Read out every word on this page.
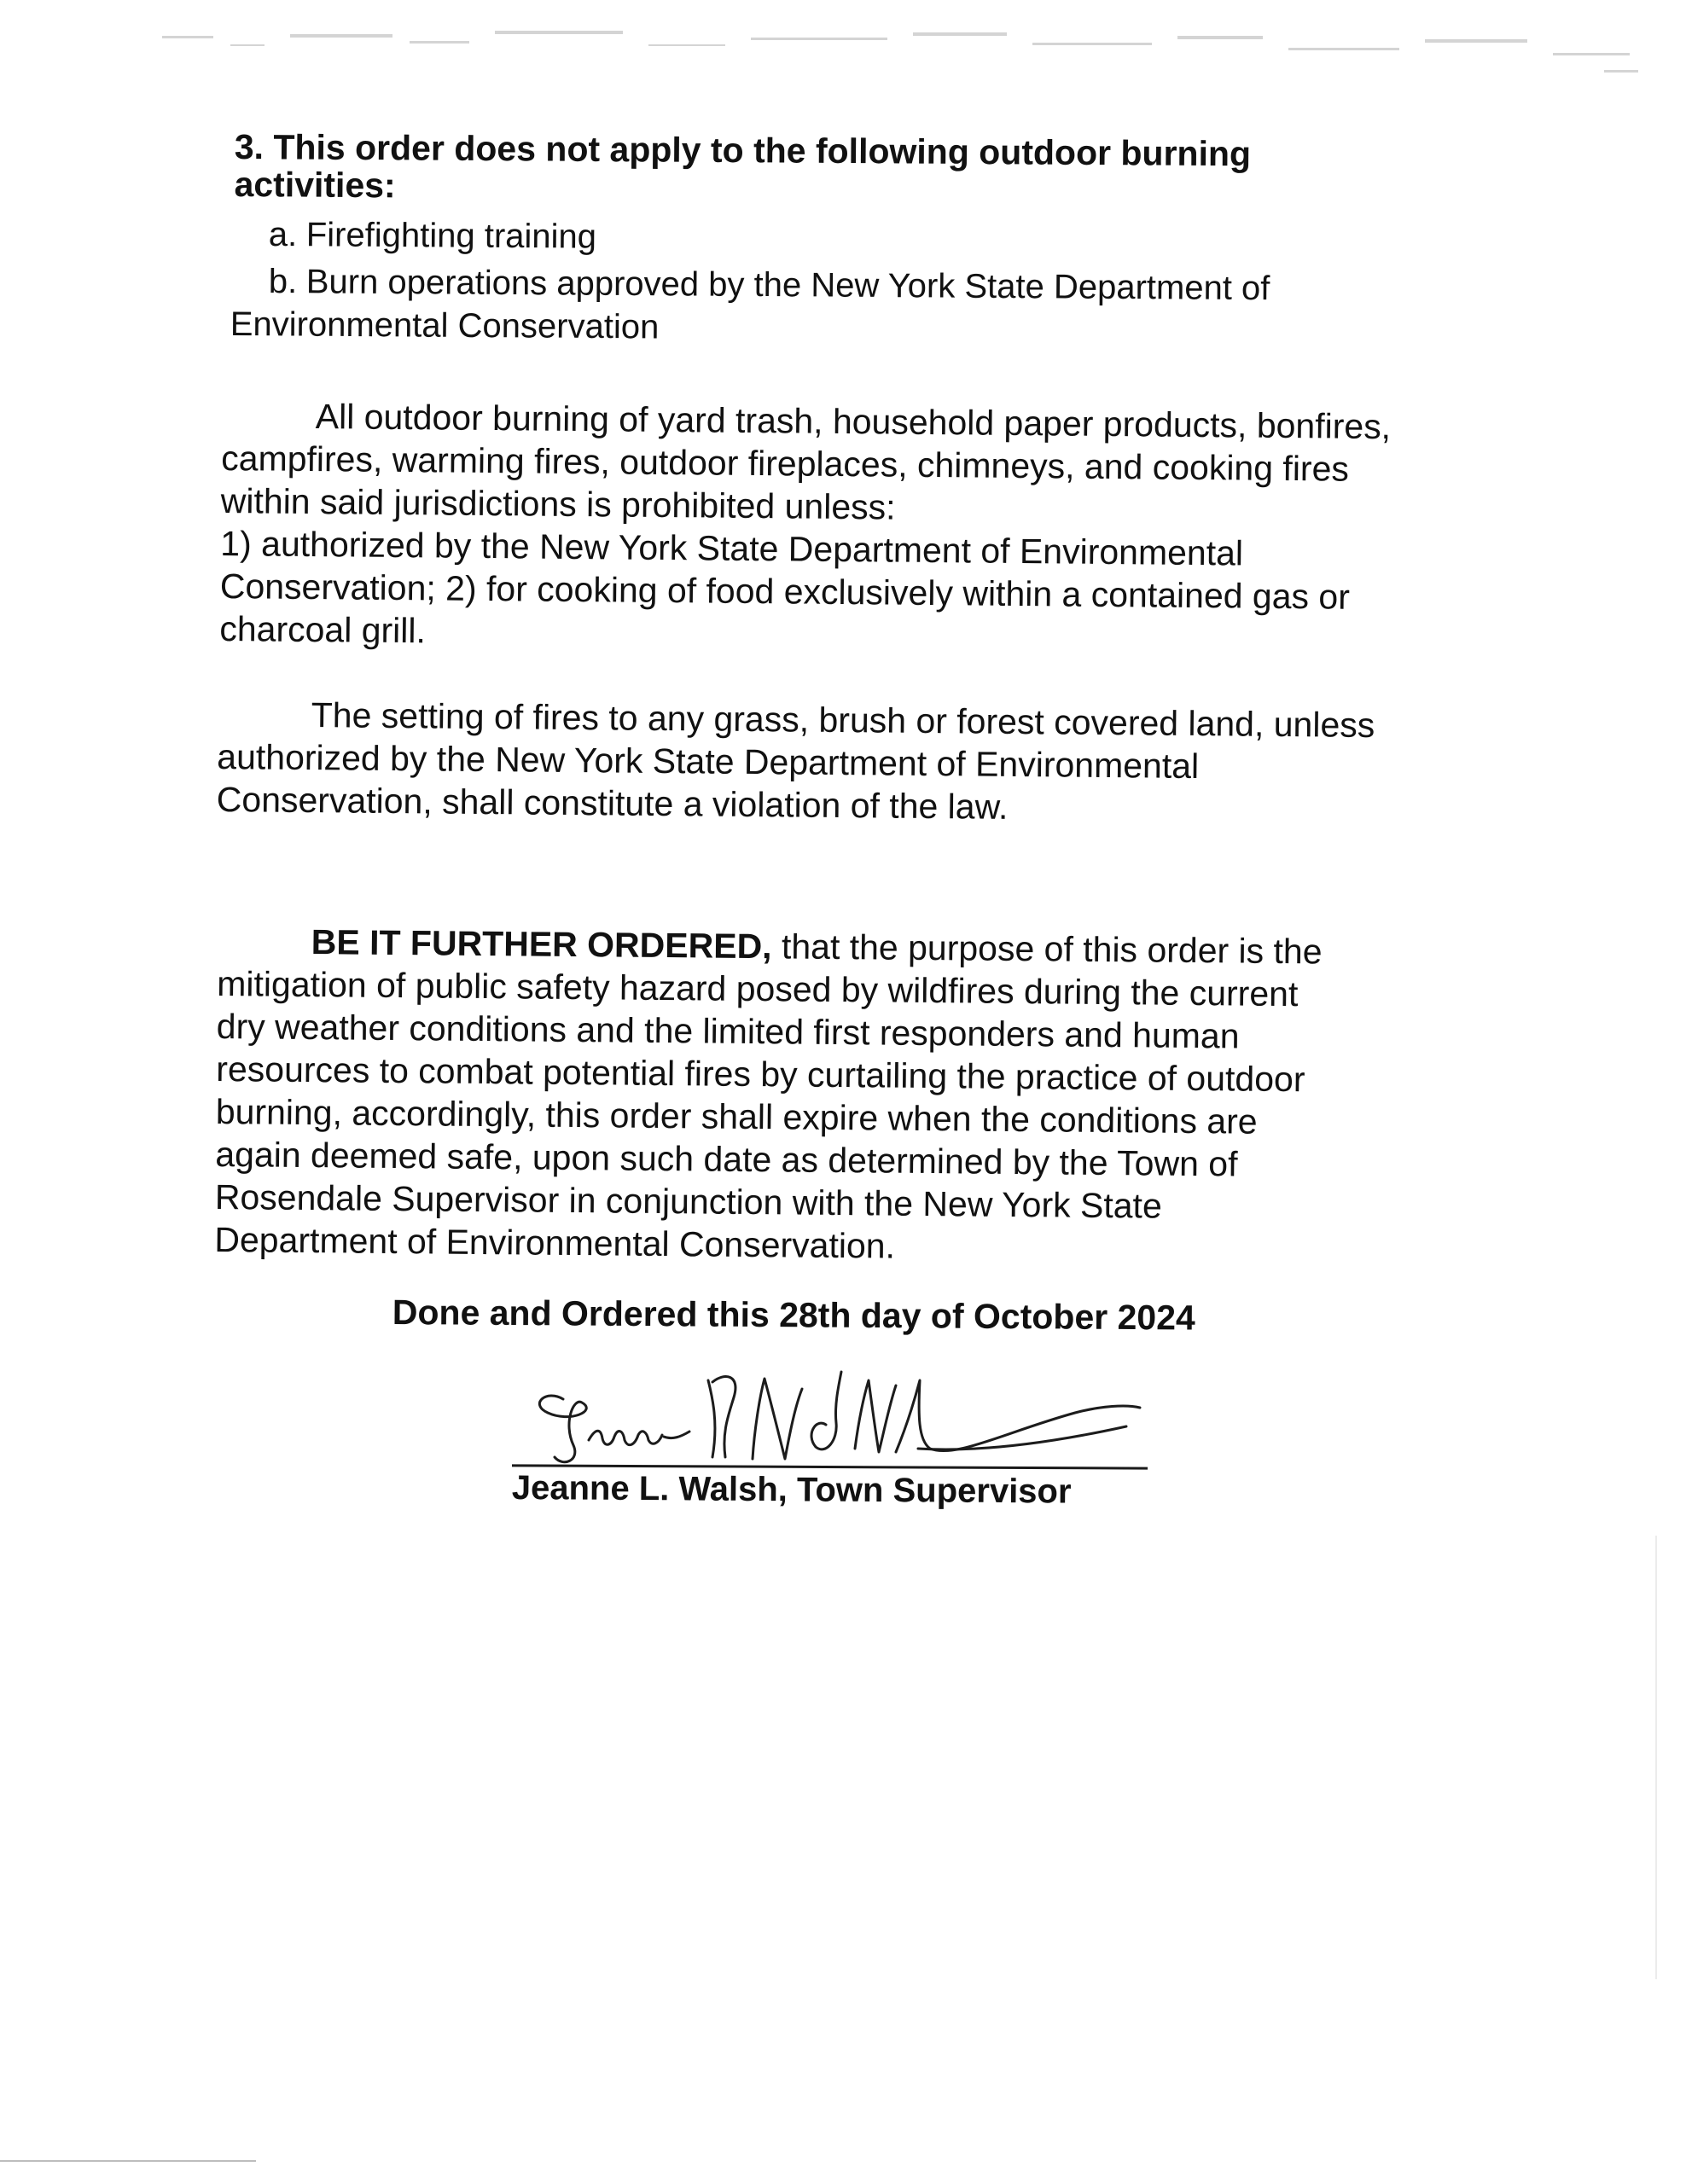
3. This order does not apply to the following outdoor burning
activities:
a. Firefighting training
b. Burn operations approved by the New York State Department of
Environmental Conservation
All outdoor burning of yard trash, household paper products, bonfires,
campfires, warming fires, outdoor fireplaces, chimneys, and cooking fires
within said jurisdictions is prohibited unless:
1) authorized by the New York State Department of Environmental
Conservation; 2) for cooking of food exclusively within a contained gas or
charcoal grill.
The setting of fires to any grass, brush or forest covered land, unless
authorized by the New York State Department of Environmental
Conservation, shall constitute a violation of the law.
BE IT FURTHER ORDERED, that the purpose of this order is the
mitigation of public safety hazard posed by wildfires during the current
dry weather conditions and the limited first responders and human
resources to combat potential fires by curtailing the practice of outdoor
burning, accordingly, this order shall expire when the conditions are
again deemed safe, upon such date as determined by the Town of
Rosendale Supervisor in conjunction with the New York State
Department of Environmental Conservation.
Done and Ordered this 28th day of October 2024
Jeanne L. Walsh, Town Supervisor
